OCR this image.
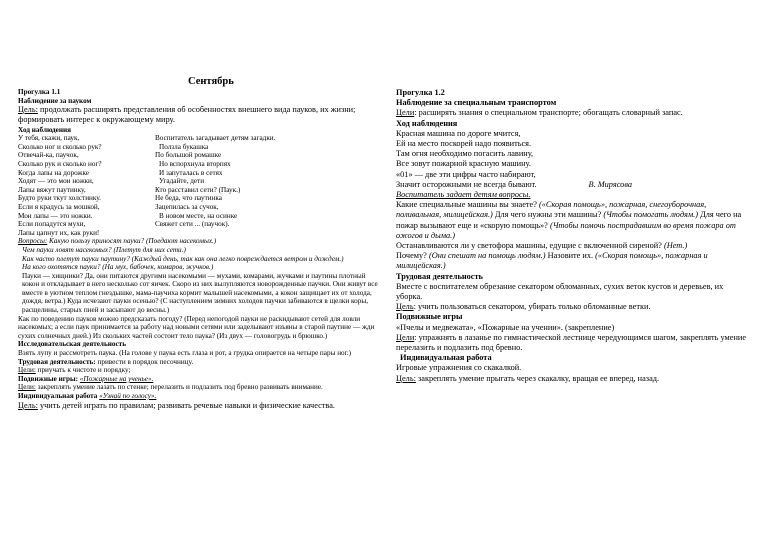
Сентябрь

Прогулка 1.1

Наблюдение за пауком

Цель: продолжать расширять представления об особенностях внешнего вида пауков, их жизни; формировать интерес к окружающему миру.

Ход наблюдения

У тебя, скажи, паук,	Воспитатель загадывает детям загадки.
Сколько ног и сколько рук?	Ползла букашка
Отвечай-ка, паучок,	По большой ромашке
Сколько рук и сколько ног?	Но вспорхнула вторпях
Когда лапы на дорожке	И запуталась в сетях
Ходят — это мои ножки,	Угадайте, дети
Лапы вяжут паутинку,	Кто расставил сети? (Паук.)
Будто руки ткут холстинку.	Не беда, что паутинка
Если я крадусь за мошкой,	Зацепилась за сучок,
Мои лапы — это ножки.	В новом месте, на осинке
Если попадутся мухи,	Свяжет сети ... (паучок).

Лапы цапнут их, как руки!

Вопросы: Какую пользу приносят пауки? (Поедают насекомых.)

Чем пауки ловят насекомых? (Плетут для них сети.)

Как часто плетут пауки паутину? (Каждый день, так как она легко повреждается ветром и дождем.)

На кого охотятся пауки? (На мух, бабочек, комаров, жучков.)

Пауки — хищники? Да, они питаются другими насекомыми — мухами, комарами, жучками и паутины плотный кокон и откладывает в него несколько сот яичек. Скоро из них вылупляются новорожденные паучки. Они живут все вместе в уютном теплом гнездышке, мама-паучиха кормит малышей насекомыми, а кокон защищает их от холода, дождя, ветра.) Куда исчезают пауки осенью? (С наступлением зимних холодов паучки забиваются в щелки коры, расщелины, старых пней и засыпают до весны.)

Как по поведению пауков можно предсказать погоду? (Перед непогодой пауки не раскидывают сетей для ловли насекомых; а если паук принимается за работу над новыми сетями или заделывают изъяны в старой паутине — жди сухих солнечных дней.) Из скольких частей состоит тело паука? (Из двух — головогрудь и брюшко.)

Исследовательская деятельность

Взять лупу и рассмотреть паука. (На голове у паука есть глаза и рот, а грудка опирается на четыре пары ног.)

Трудовая деятельность: привести в порядок песочницу.

Цели: приучать к чистоте и порядку;

Подвижные игры: «Пожарные на ученье».

Цели: закреплять умение лазать по стенке; перелазить и подлазить под бревно развивать внимание.

Индивидуальная работа «Узнай по голосу».

Цель: учить детей играть по правилам; развивать речевые навыки и физические качества.

Прогулка 1.2

Наблюдение за специальным транспортом

Цели: расширять знания о специальном транспорте; обогащать словарный запас.

Ход наблюдения

Красная машина по дороге мчится,

Ей на место поскорей надо появиться.

Там огня необходимо погасить лавину,

Все зовут пожарной красную машину.

«01» — две эти цифры часто набирают,

Значит осторожными не всегда бывают.	В. Мирясова

Воспитатель задает детям вопросы.

Какие специальные машины вы знаете? («Скорая помощь», пожарная, снегоуборочная, поливальная, милицейская.) Для чего нужны эти машины? (Чтобы помогать людям.) Для чего на пожар вызывают еще и «скорую помощь»? (Чтобы помочь пострадавшим во время пожара от ожогов и дыма.)

Останавливаются ли у светофора машины, едущие с включенной сиреной? (Нет.)

Почему? (Они спешат на помощь людям.) Назовите их. («Скорая помощь», пожарная и милицейская.)

Трудовая деятельность

Вместе с воспитателем обрезание секатором обломанных, сухих веток кустов и деревьев, их уборка.

Цель: учить пользоваться секатором, убирать только обломанные ветки.

Подвижные игры

«Пчелы и медвежата», «Пожарные на учении». (закрепление)

Цели: упражнять в лазанье по гимнастической лестнице чередующимся шагом, закреплять умение перелазить и подлазить под бревно.

Индивидуальная работа

Игровые упражнения со скакалкой.

Цель: закреплять умение прыгать через скакалку, вращая ее вперед, назад.
